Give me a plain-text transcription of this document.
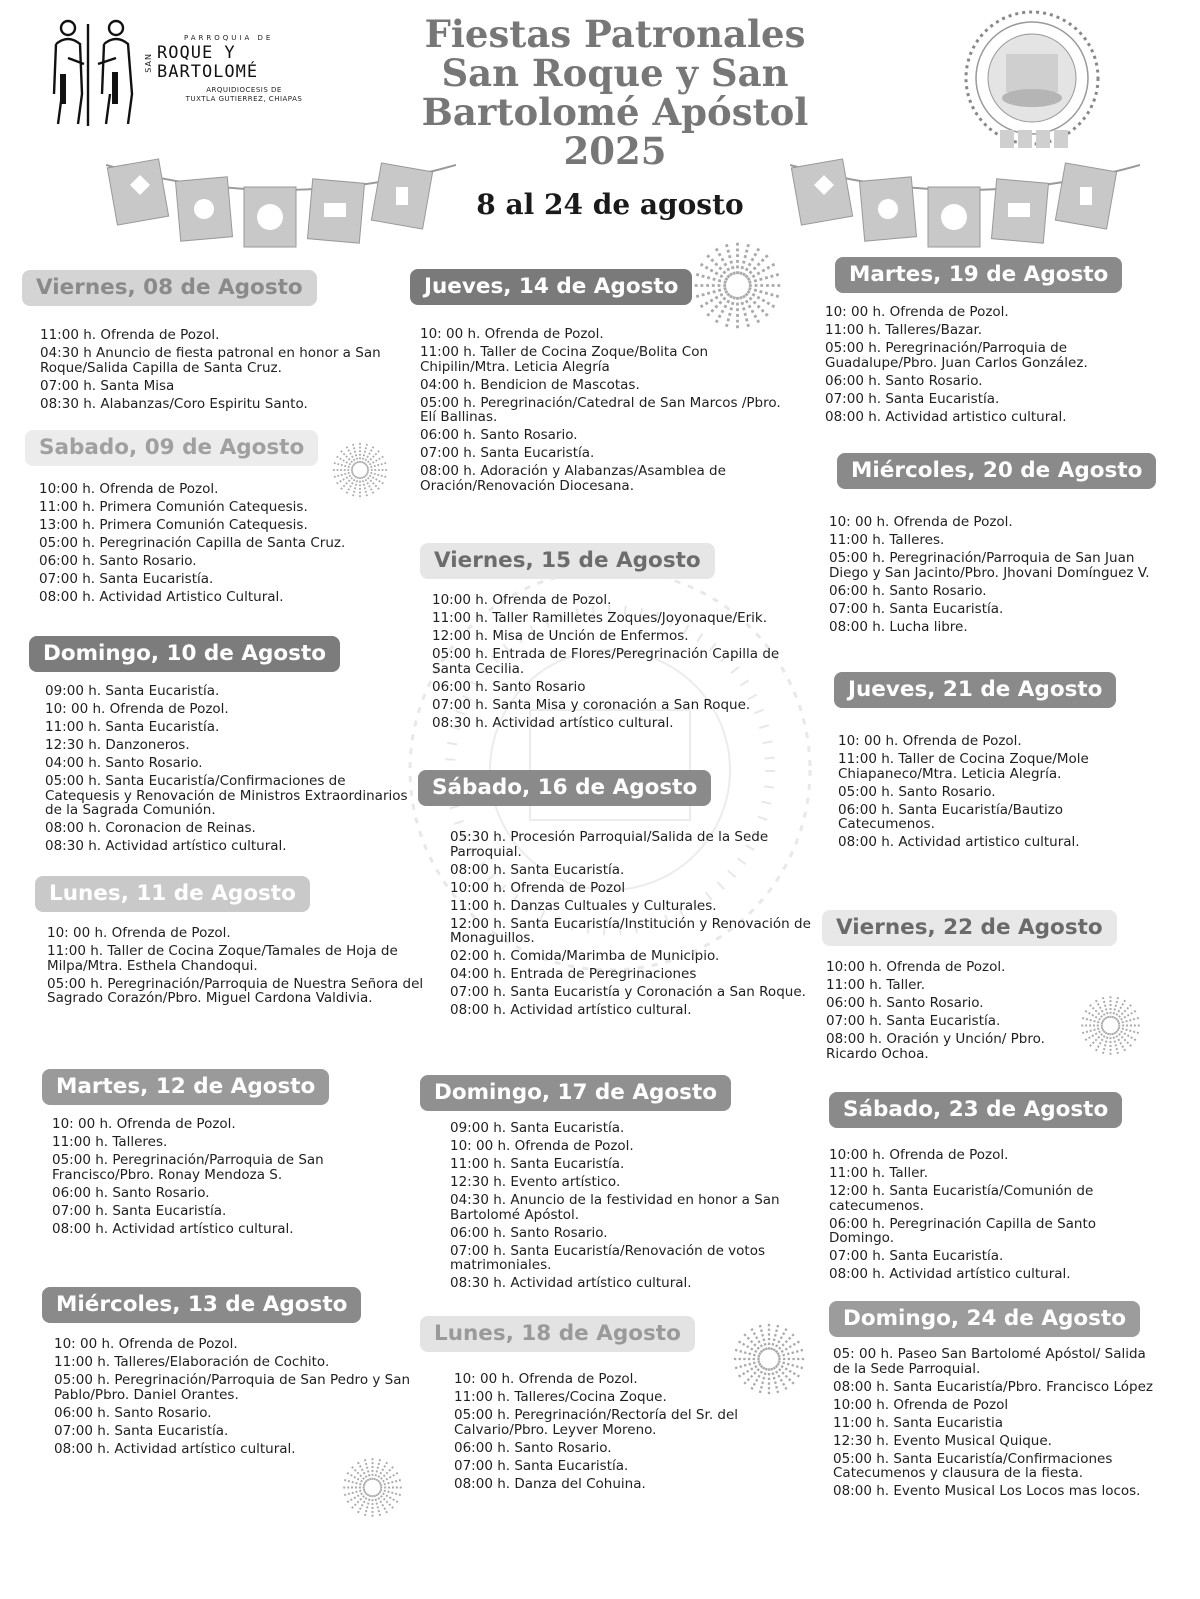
PARROQUIA DE
SAN ROQUE Y
BARTOLOMÉ
ARQUIDIOCESIS DE
TUXTLA GUTIERREZ, CHIAPAS
Fiestas Patronales San Roque y San Bartolomé Apóstol 2025
8 al 24 de agosto
Viernes, 08 de Agosto
11:00 h. Ofrenda de Pozol.
04:30 h Anuncio de fiesta patronal en honor a San Roque/Salida Capilla de Santa Cruz.
07:00 h. Santa Misa
08:30 h. Alabanzas/Coro Espiritu Santo.
Sabado, 09 de Agosto
10:00 h. Ofrenda de Pozol.
11:00 h. Primera Comunión Catequesis.
13:00 h. Primera Comunión Catequesis.
05:00 h. Peregrinación Capilla de Santa Cruz.
06:00 h. Santo Rosario.
07:00 h. Santa Eucaristía.
08:00 h. Actividad Artistico Cultural.
Domingo, 10 de Agosto
09:00 h. Santa Eucaristía.
10: 00 h. Ofrenda de Pozol.
11:00 h. Santa Eucaristía.
12:30 h. Danzoneros.
04:00 h. Santo Rosario.
05:00 h. Santa Eucaristía/Confirmaciones de Catequesis y Renovación de Ministros Extraordinarios de la Sagrada Comunión.
08:00 h. Coronacion de Reinas.
08:30 h. Actividad artístico cultural.
Lunes, 11 de Agosto
10: 00 h. Ofrenda de Pozol.
11:00 h. Taller de Cocina Zoque/Tamales de Hoja de Milpa/Mtra. Esthela Chandoqui.
05:00 h. Peregrinación/Parroquia de Nuestra Señora del Sagrado Corazón/Pbro. Miguel Cardona Valdivia.
Martes, 12 de Agosto
10: 00 h. Ofrenda de Pozol.
11:00 h. Talleres.
05:00 h. Peregrinación/Parroquia de San Francisco/Pbro. Ronay Mendoza S.
06:00 h. Santo Rosario.
07:00 h. Santa Eucaristía.
08:00 h. Actividad artístico cultural.
Miércoles, 13 de Agosto
10: 00 h. Ofrenda de Pozol.
11:00 h. Talleres/Elaboración de Cochito.
05:00 h. Peregrinación/Parroquia de San Pedro y San Pablo/Pbro. Daniel Orantes.
06:00 h. Santo Rosario.
07:00 h. Santa Eucaristía.
08:00 h. Actividad artístico cultural.
Jueves, 14 de Agosto
10: 00 h. Ofrenda de Pozol.
11:00 h. Taller de Cocina Zoque/Bolita Con Chipilin/Mtra. Leticia Alegría
04:00 h. Bendicion de Mascotas.
05:00 h. Peregrinación/Catedral de San Marcos /Pbro. Elí Ballinas.
06:00 h. Santo Rosario.
07:00 h. Santa Eucaristía.
08:00 h. Adoración y Alabanzas/Asamblea de Oración/Renovación Diocesana.
Viernes, 15 de Agosto
10:00 h. Ofrenda de Pozol.
11:00 h. Taller Ramilletes Zoques/Joyonaque/Erik.
12:00 h. Misa de Unción de Enfermos.
05:00 h. Entrada de Flores/Peregrinación Capilla de Santa Cecilia.
06:00 h. Santo Rosario
07:00 h. Santa Misa y coronación a San Roque.
08:30 h. Actividad artístico cultural.
Sábado, 16 de Agosto
05:30 h. Procesión Parroquial/Salida de la Sede Parroquial.
08:00 h. Santa Eucaristía.
10:00 h. Ofrenda de Pozol
11:00 h. Danzas Cultuales y Culturales.
12:00 h. Santa Eucaristía/Institución y Renovación de Monaguillos.
02:00 h. Comida/Marimba de Municipio.
04:00 h. Entrada de Peregrinaciones
07:00 h. Santa Eucaristía y Coronación a San Roque.
08:00 h. Actividad artístico cultural.
Domingo, 17 de Agosto
09:00 h. Santa Eucaristía.
10: 00 h. Ofrenda de Pozol.
11:00 h. Santa Eucaristía.
12:30 h. Evento artístico.
04:30 h. Anuncio de la festividad en honor a San Bartolomé Apóstol.
06:00 h. Santo Rosario.
07:00 h. Santa Eucaristía/Renovación de votos matrimoniales.
08:30 h. Actividad artístico cultural.
Lunes, 18 de Agosto
10: 00 h. Ofrenda de Pozol.
11:00 h. Talleres/Cocina Zoque.
05:00 h. Peregrinación/Rectoría del Sr. del Calvario/Pbro. Leyver Moreno.
06:00 h. Santo Rosario.
07:00 h. Santa Eucaristía.
08:00 h. Danza del Cohuina.
Martes, 19 de Agosto
10: 00 h. Ofrenda de Pozol.
11:00 h. Talleres/Bazar.
05:00 h. Peregrinación/Parroquia de Guadalupe/Pbro. Juan Carlos González.
06:00 h. Santo Rosario.
07:00 h. Santa Eucaristía.
08:00 h. Actividad artistico cultural.
Miércoles, 20 de Agosto
10: 00 h. Ofrenda de Pozol.
11:00 h. Talleres.
05:00 h. Peregrinación/Parroquia de San Juan Diego y San Jacinto/Pbro. Jhovani Domínguez V.
06:00 h. Santo Rosario.
07:00 h. Santa Eucaristía.
08:00 h. Lucha libre.
Jueves, 21 de Agosto
10: 00 h. Ofrenda de Pozol.
11:00 h. Taller de Cocina Zoque/Mole Chiapaneco/Mtra. Leticia Alegría.
05:00 h. Santo Rosario.
06:00 h. Santa Eucaristía/Bautizo Catecumenos.
08:00 h. Actividad artistico cultural.
Viernes, 22 de Agosto
10:00 h. Ofrenda de Pozol.
11:00 h. Taller.
06:00 h. Santo Rosario.
07:00 h. Santa Eucaristía.
08:00 h. Oración y Unción/ Pbro. Ricardo Ochoa.
Sábado, 23 de Agosto
10:00 h. Ofrenda de Pozol.
11:00 h. Taller.
12:00 h. Santa Eucaristía/Comunión de catecumenos.
06:00 h. Peregrinación Capilla de Santo Domingo.
07:00 h. Santa Eucaristía.
08:00 h. Actividad artístico cultural.
Domingo, 24 de Agosto
05: 00 h. Paseo San Bartolomé Apóstol/ Salida de la Sede Parroquial.
08:00 h. Santa Eucaristía/Pbro. Francisco López
10:00 h. Ofrenda de Pozol
11:00 h. Santa Eucaristia
12:30 h. Evento Musical Quique.
05:00 h. Santa Eucaristía/Confirmaciones Catecumenos y clausura de la fiesta.
08:00 h. Evento Musical Los Locos mas locos.
